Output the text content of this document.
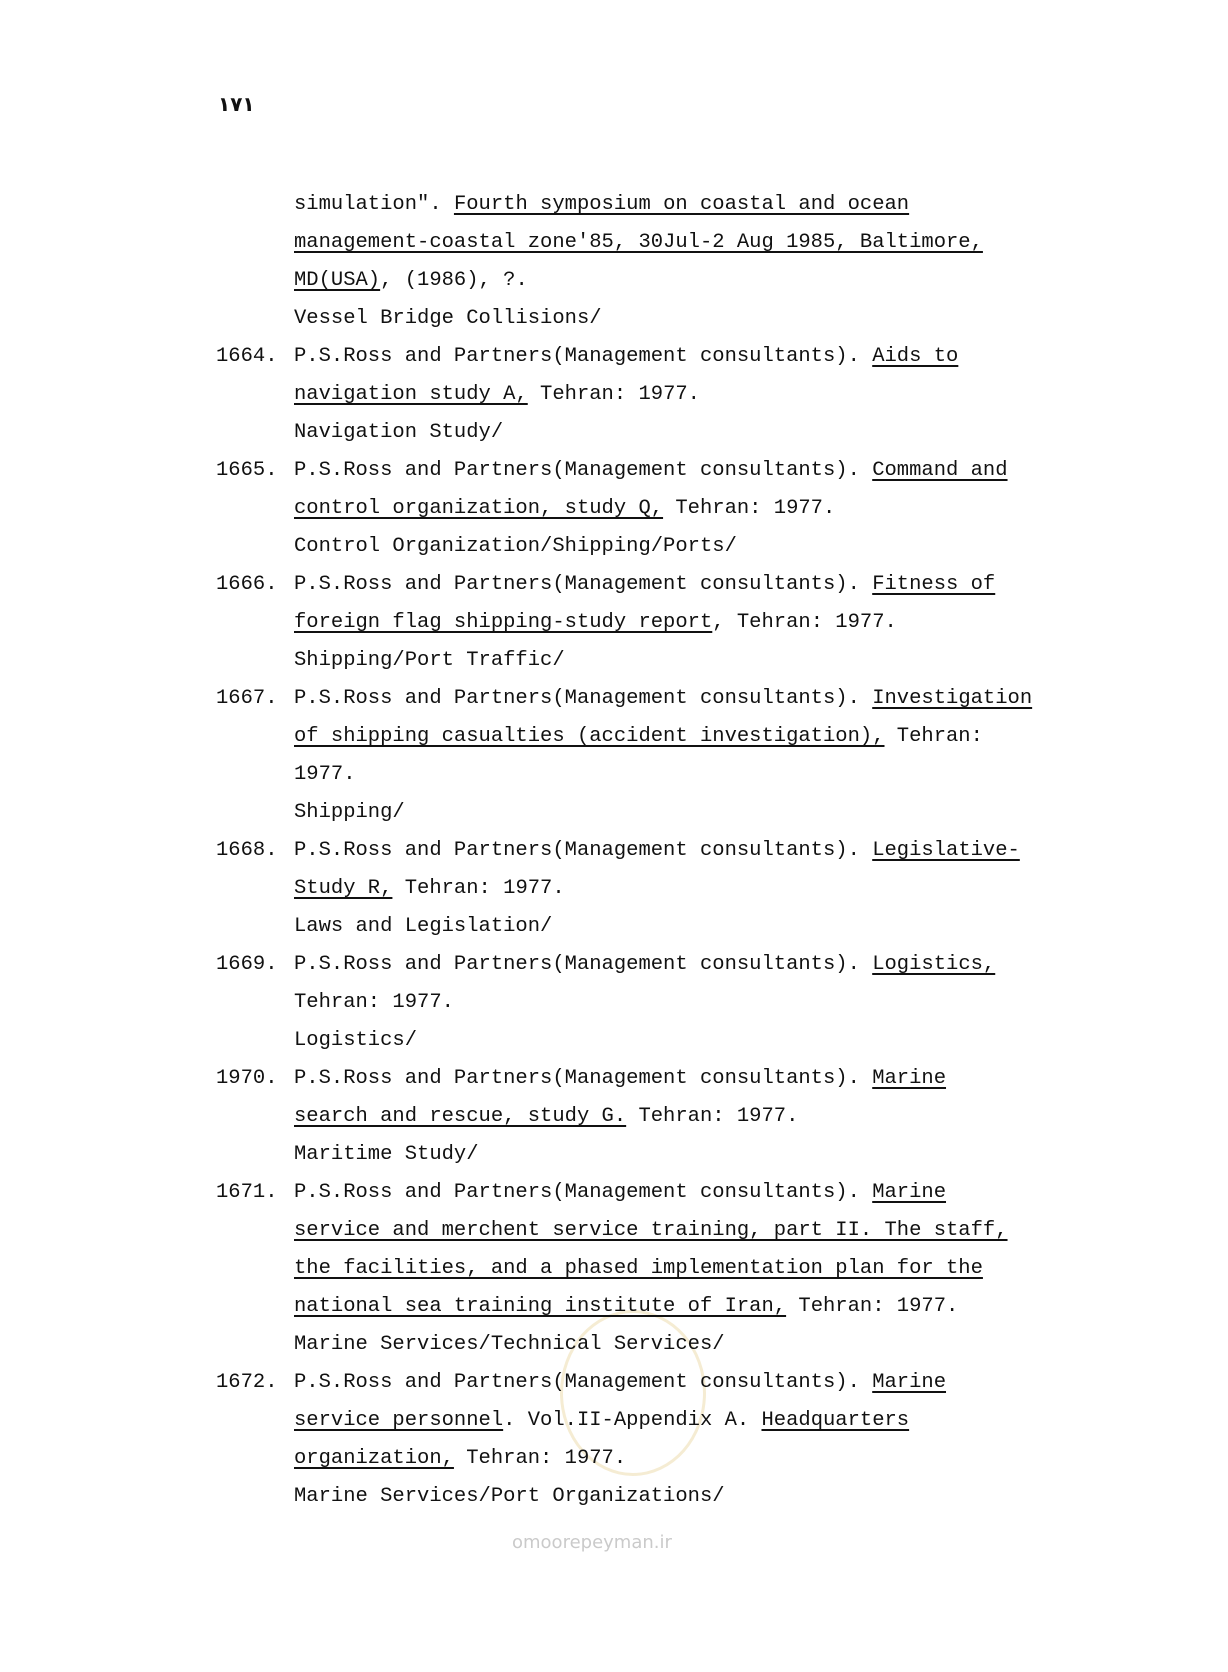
۱۷۱
omoorepeyman.ir
simulation". Fourth symposium on coastal and ocean
management-coastal zone'85, 30Jul-2 Aug 1985, Baltimore,
MD(USA), (1986), ?.
Vessel Bridge Collisions/
1664. P.S.Ross and Partners(Management consultants). Aids to
navigation study A, Tehran: 1977.
Navigation Study/
1665. P.S.Ross and Partners(Management consultants). Command and
control organization, study Q, Tehran: 1977.
Control Organization/Shipping/Ports/
1666. P.S.Ross and Partners(Management consultants). Fitness of
foreign flag shipping-study report, Tehran: 1977.
Shipping/Port Traffic/
1667. P.S.Ross and Partners(Management consultants). Investigation
of shipping casualties (accident investigation), Tehran:
1977.
Shipping/
1668. P.S.Ross and Partners(Management consultants). Legislative-
Study R, Tehran: 1977.
Laws and Legislation/
1669. P.S.Ross and Partners(Management consultants). Logistics,
Tehran: 1977.
Logistics/
1970. P.S.Ross and Partners(Management consultants). Marine
search and rescue, study G. Tehran: 1977.
Maritime Study/
1671. P.S.Ross and Partners(Management consultants). Marine
service and merchent service training, part II. The staff,
the facilities, and a phased implementation plan for the
national sea training institute of Iran, Tehran: 1977.
Marine Services/Technical Services/
1672. P.S.Ross and Partners(Management consultants). Marine
service personnel. Vol.II-Appendix A. Headquarters
organization, Tehran: 1977.
Marine Services/Port Organizations/
